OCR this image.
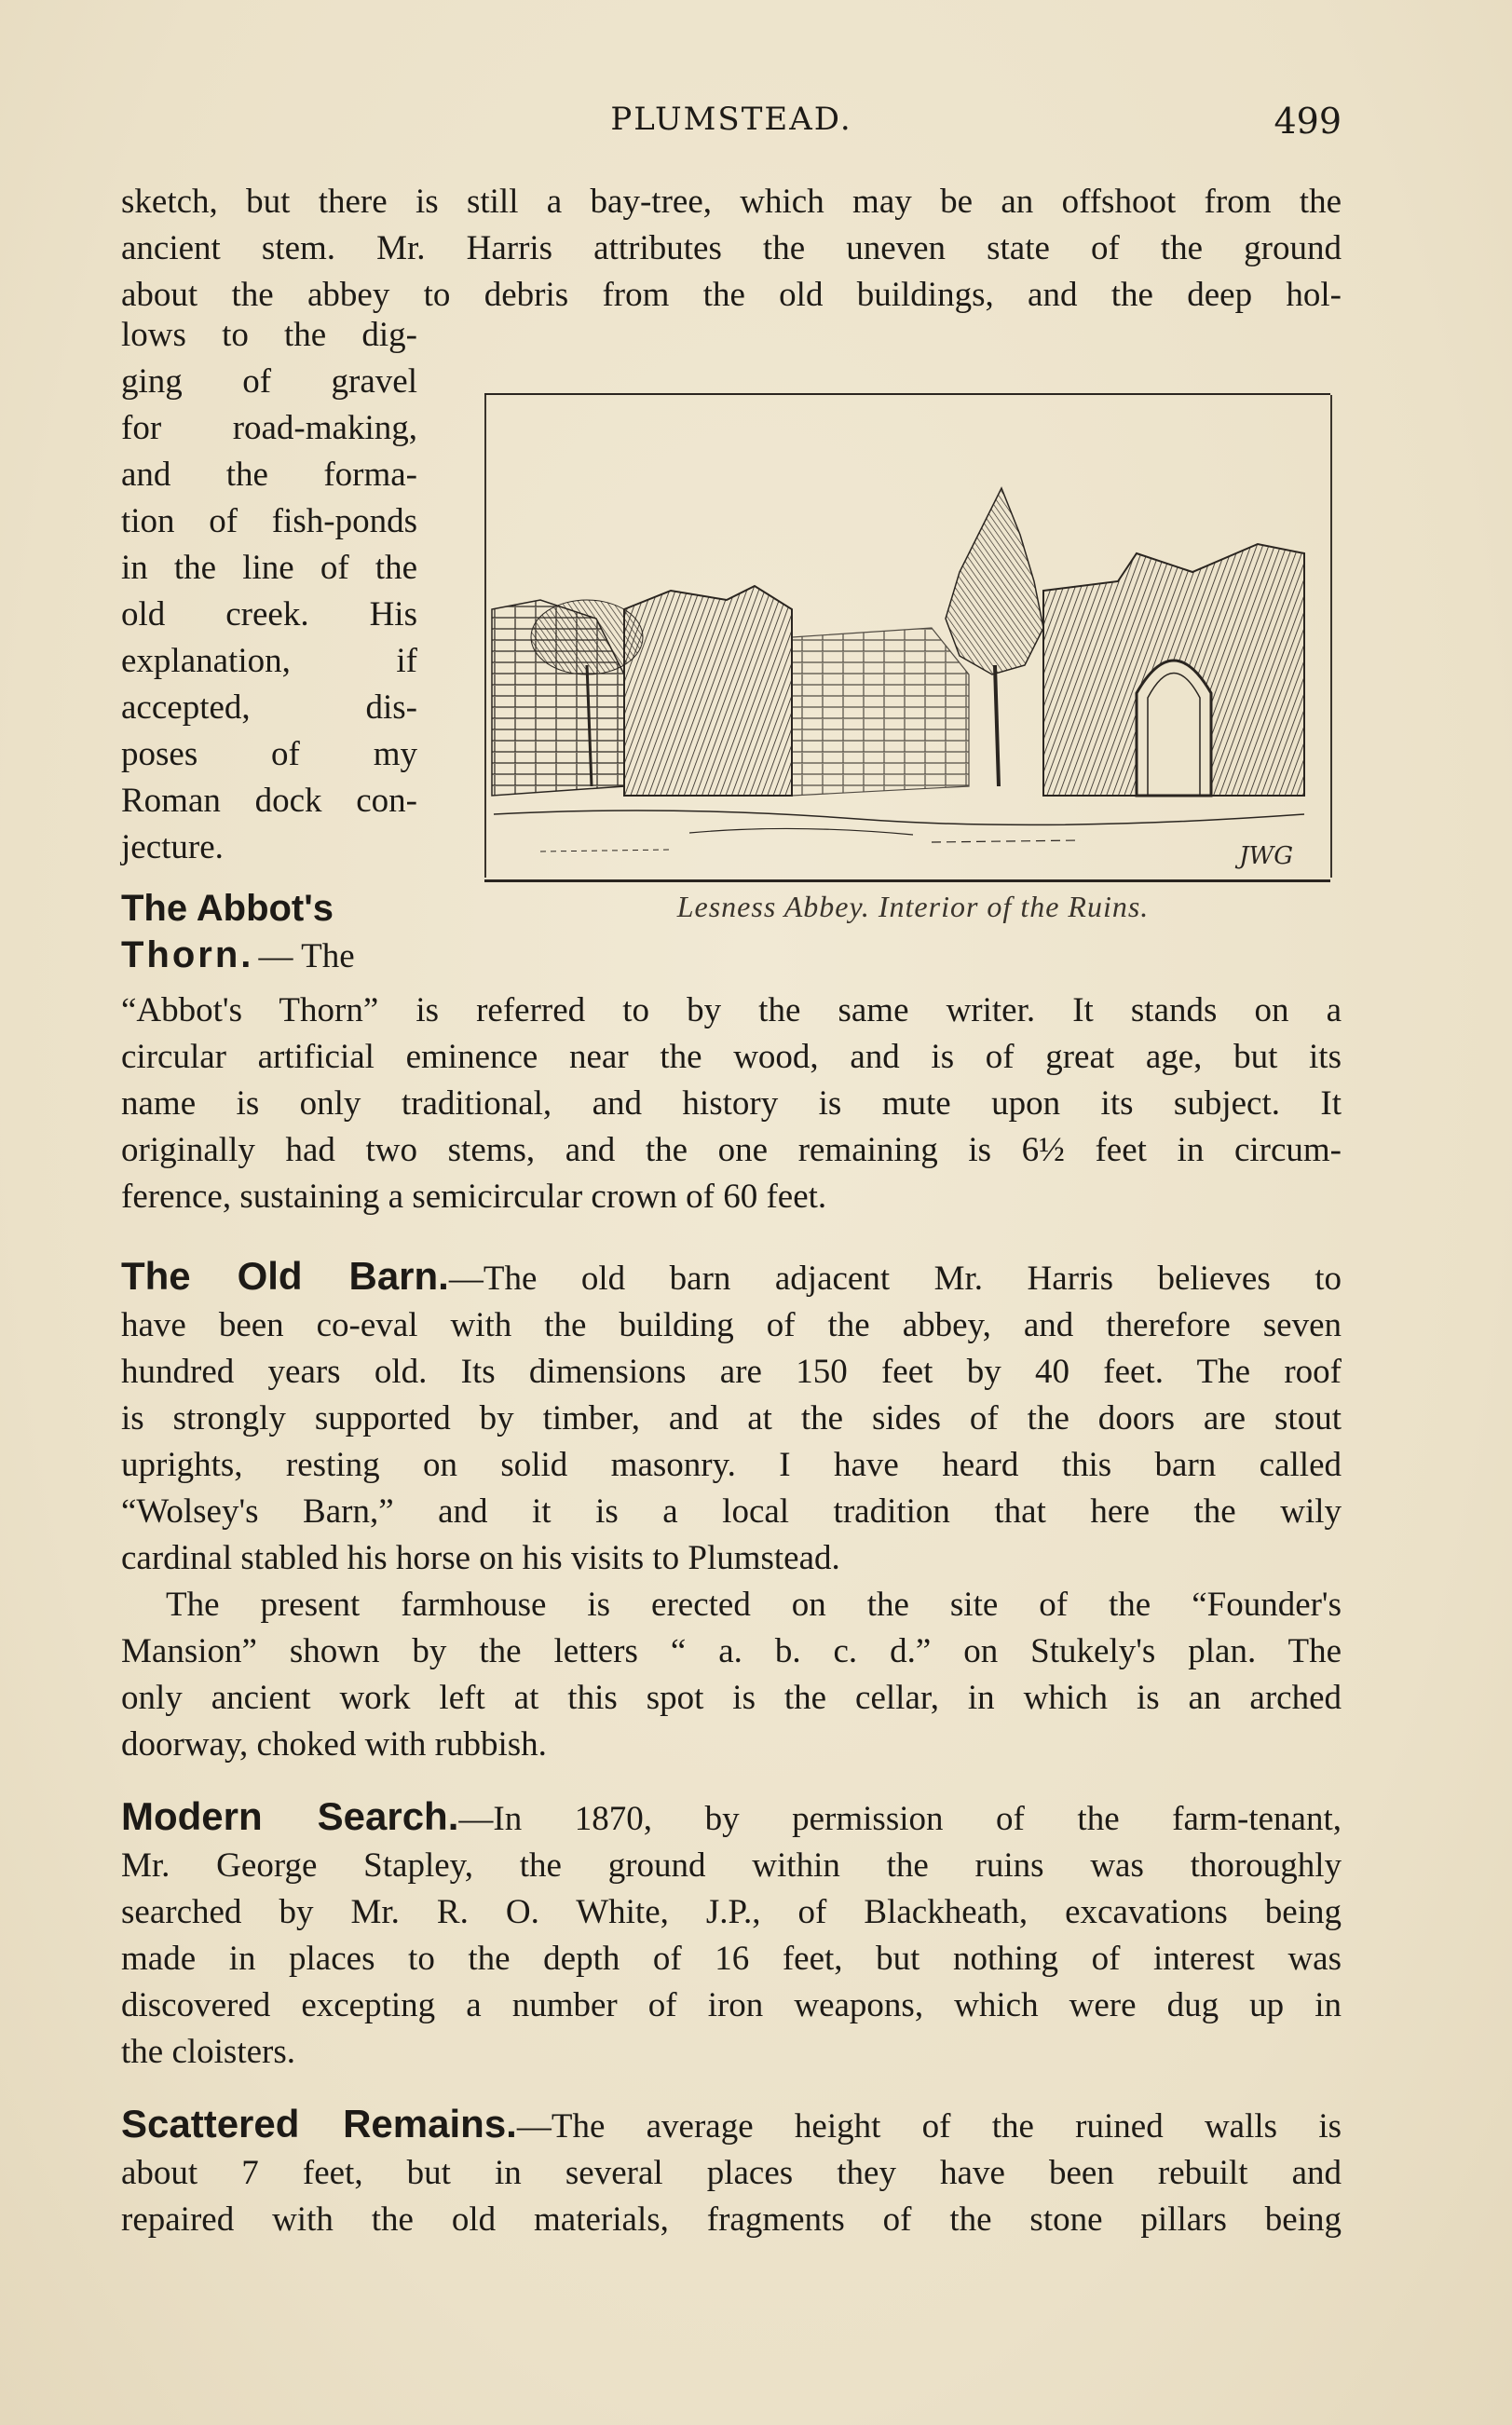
PLUMSTEAD.	499
sketch, but there is still a bay-tree, which may be an offshoot from the
ancient stem. Mr. Harris attributes the uneven state of the ground
about the abbey to debris from the old buildings, and the deep hol-
lows to the dig-
ging of gravel
for road-making,
and the forma-
tion of fish-ponds
in the line of the
old creek. His
explanation, if
accepted, dis-
poses of my
Roman dock con-
jecture.	JWG
Lesness Abbey. Interior of the Ruins.
The Abbot's
Thorn. — The
“Abbot's Thorn” is referred to by the same writer. It stands on a
circular artificial eminence near the wood, and is of great age, but its
name is only traditional, and history is mute upon its subject. It
originally had two stems, and the one remaining is 6½ feet in circum-
ference, sustaining a semicircular crown of 60 feet.
The Old Barn.—The old barn adjacent Mr. Harris believes to
have been co-eval with the building of the abbey, and therefore seven
hundred years old. Its dimensions are 150 feet by 40 feet. The roof
is strongly supported by timber, and at the sides of the doors are stout
uprights, resting on solid masonry. I have heard this barn called
“Wolsey's Barn,” and it is a local tradition that here the wily
cardinal stabled his horse on his visits to Plumstead.
The present farmhouse is erected on the site of the “Founder's
Mansion” shown by the letters “ a. b. c. d.” on Stukely's plan. The
only ancient work left at this spot is the cellar, in which is an arched
doorway, choked with rubbish.
Modern Search.—In 1870, by permission of the farm-tenant,
Mr. George Stapley, the ground within the ruins was thoroughly
searched by Mr. R. O. White, J.P., of Blackheath, excavations being
made in places to the depth of 16 feet, but nothing of interest was
discovered excepting a number of iron weapons, which were dug up in
the cloisters.
Scattered Remains.—The average height of the ruined walls is
about 7 feet, but in several places they have been rebuilt and
repaired with the old materials, fragments of the stone pillars being
